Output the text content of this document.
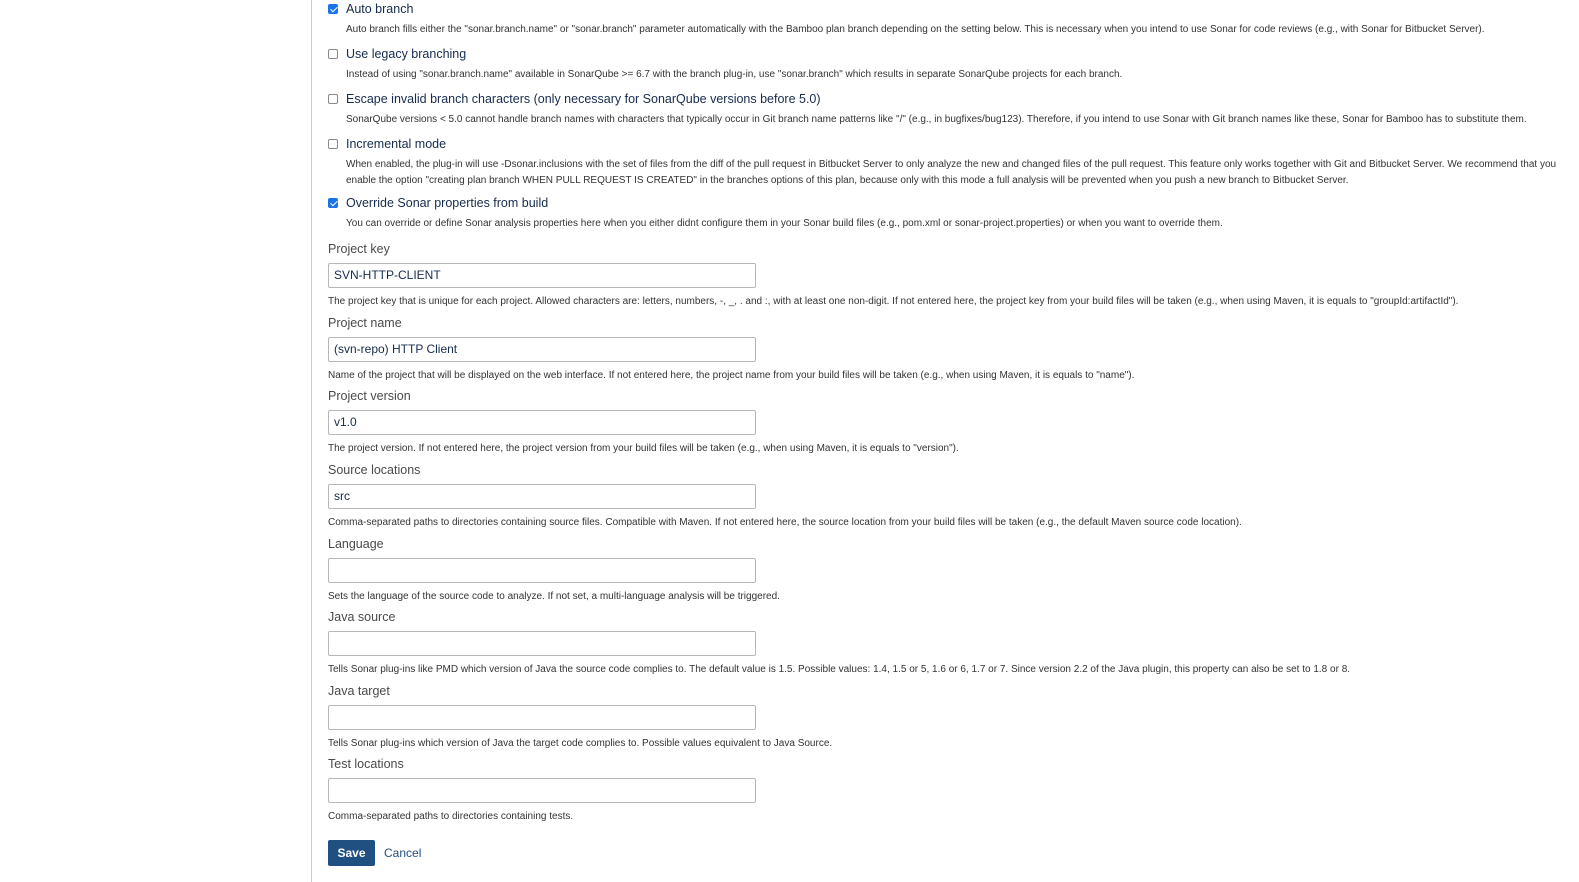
Auto branch
Auto branch fills either the "sonar.branch.name" or "sonar.branch" parameter automatically with the Bamboo plan branch depending on the setting below. This is necessary when you intend to use Sonar for code reviews (e.g., with Sonar for Bitbucket Server).
Use legacy branching
Instead of using "sonar.branch.name" available in SonarQube >= 6.7 with the branch plug-in, use "sonar.branch" which results in separate SonarQube projects for each branch.
Escape invalid branch characters (only necessary for SonarQube versions before 5.0)
SonarQube versions < 5.0 cannot handle branch names with characters that typically occur in Git branch name patterns like "/" (e.g., in bugfixes/bug123). Therefore, if you intend to use Sonar with Git branch names like these, Sonar for Bamboo has to substitute them.
Incremental mode
When enabled, the plug-in will use -Dsonar.inclusions with the set of files from the diff of the pull request in Bitbucket Server to only analyze the new and changed files of the pull request. This feature only works together with Git and Bitbucket Server. We recommend that you
enable the option "creating plan branch WHEN PULL REQUEST IS CREATED" in the branches options of this plan, because only with this mode a full analysis will be prevented when you push a new branch to Bitbucket Server.
Override Sonar properties from build
You can override or define Sonar analysis properties here when you either didnt configure them in your Sonar build files (e.g., pom.xml or sonar-project.properties) or when you want to override them.
Project key
SVN-HTTP-CLIENT
The project key that is unique for each project. Allowed characters are: letters, numbers, -, _, . and :, with at least one non-digit. If not entered here, the project key from your build files will be taken (e.g., when using Maven, it is equals to "groupId:artifactId").
Project name
(svn-repo) HTTP Client
Name of the project that will be displayed on the web interface. If not entered here, the project name from your build files will be taken (e.g., when using Maven, it is equals to "name").
Project version
v1.0
The project version. If not entered here, the project version from your build files will be taken (e.g., when using Maven, it is equals to "version").
Source locations
src
Comma-separated paths to directories containing source files. Compatible with Maven. If not entered here, the source location from your build files will be taken (e.g., the default Maven source code location).
Language
Sets the language of the source code to analyze. If not set, a multi-language analysis will be triggered.
Java source
Tells Sonar plug-ins like PMD which version of Java the source code complies to. The default value is 1.5. Possible values: 1.4, 1.5 or 5, 1.6 or 6, 1.7 or 7. Since version 2.2 of the Java plugin, this property can also be set to 1.8 or 8.
Java target
Tells Sonar plug-ins which version of Java the target code complies to. Possible values equivalent to Java Source.
Test locations
Comma-separated paths to directories containing tests.
Save	Cancel
